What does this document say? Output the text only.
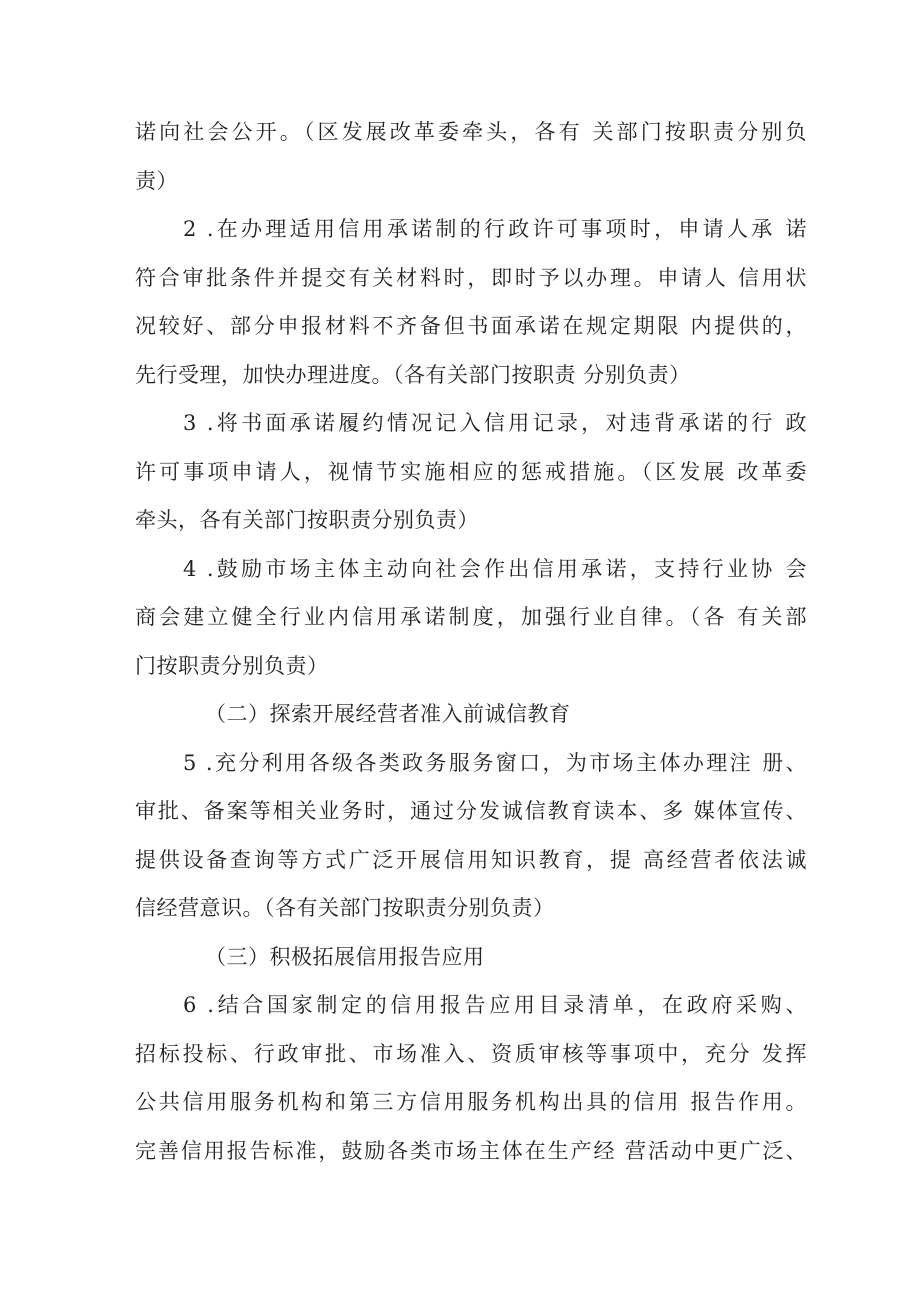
诺向社会公开。（区发展改革委牵头，各有 关部门按职责分别负
责）

2 .在办理适用信用承诺制的行政许可事项时，申请人承 诺
符合审批条件并提交有关材料时，即时予以办理。申请人 信用状
况较好、部分申报材料不齐备但书面承诺在规定期限 内提供的，
先行受理，加快办理进度。（各有关部门按职责 分别负责）

3 .将书面承诺履约情况记入信用记录，对违背承诺的行 政
许可事项申请人，视情节实施相应的惩戒措施。（区发展 改革委
牵头，各有关部门按职责分别负责）

4 .鼓励市场主体主动向社会作出信用承诺，支持行业协 会
商会建立健全行业内信用承诺制度，加强行业自律。（各 有关部
门按职责分别负责）

（二）探索开展经营者准入前诚信教育

5 .充分利用各级各类政务服务窗口，为市场主体办理注 册、
审批、备案等相关业务时，通过分发诚信教育读本、多 媒体宣传、
提供设备查询等方式广泛开展信用知识教育，提 高经营者依法诚
信经营意识。（各有关部门按职责分别负责）

（三）积极拓展信用报告应用

6 .结合国家制定的信用报告应用目录清单，在政府采购、
招标投标、行政审批、市场准入、资质审核等事项中，充分 发挥
公共信用服务机构和第三方信用服务机构出具的信用 报告作用。
完善信用报告标准，鼓励各类市场主体在生产经 营活动中更广泛、
